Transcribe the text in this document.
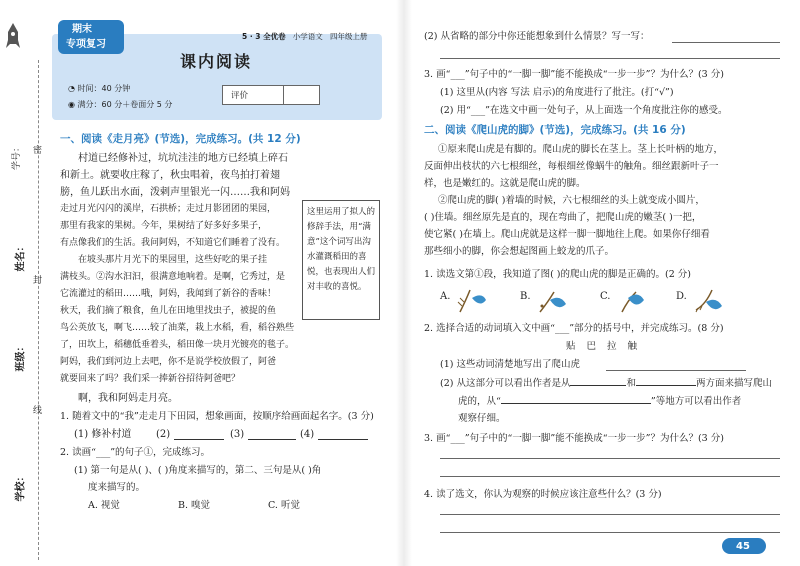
学号： 密
姓名：
封
班级：
线
学校：
期末
专项复习
5 · 3 全优卷 小学语文 四年级上册
课内阅读
◔ 时间：40 分钟
◉ 满分：60 分＋卷面分 5 分
评价
一、阅读《走月亮》(节选)，完成练习。(共 12 分)
村道已经修补过，坑坑洼洼的地方已经填上碎石
和新土。就要收庄稼了，秋虫唱着，夜鸟拍打着翅
膀，鱼儿跃出水面，泼剌声里银光一闪……我和阿妈
走过月光闪闪的溪岸，石拱桥；走过月影团团的果园，
那里有我家的果树。今年，果树结了好多好多果子，
有点像我们的生活。我问阿妈，不知道它们睡着了没有。
在坡头那片月光下的果园里，这些好吃的果子挂
满枝头。②沟水汩汩，很满意地响着。是啊，它秀过，是
它流灌过的稻田……哦，阿妈，我闻到了新谷的香味！
秋天，我们摘了粮食，鱼儿在田地里找虫子，被捉的鱼
鸟公英放飞，啊飞……较了油菜，栽上水稻，看，稻谷熟些
了，田坎上，稻穗低垂着头，稻田像一块月光镀亮的毯子。
阿妈，我们到河边上去吧，你不是说学校放假了，阿爸
就要回来了吗？我们采一捧新谷招待阿爸吧？
啊，我和阿妈走月亮。
这里运用了拟人的修辞手法，用“满意”这个词写出沟水灌溉稻田的喜悦，也表现出人们对丰收的喜悦。
1. 随着文中的“我”走走月下田园，想象画面，按顺序给画面起名字。(3 分)
(1) 修补村道 (2)	(3)	(4)
2. 读画“___”的句子①，完成练习。
(1) 第一句是从( )、( )角度来描写的，第二、三句是从( )角
度来描写的。
A. 视觉	B. 嗅觉	C. 听觉
(2) 从省略的部分中你还能想象到什么情景？写一写：
3. 画“___”句子中的“一脚一脚”能不能换成“一步一步”？为什么？(3 分)
(1) 这里从(内容 写法 启示)的角度进行了批注。(打“√”)
(2) 用“___”在选文中画一处句子，从上面选一个角度批注你的感受。
二、阅读《爬山虎的脚》(节选)，完成练习。(共 16 分)
①原来爬山虎是有脚的。爬山虎的脚长在茎上。茎上长叶柄的地方，
反面伸出枝状的六七根细丝，每根细丝像蜗牛的触角。细丝跟新叶子一
样，也是嫩红的。这就是爬山虎的脚。
②爬山虎的脚( )着墙的时候，六七根细丝的头上就变成小圆片，
( )住墙。细丝原先是直的，现在弯曲了，把爬山虎的嫩茎( )一把，
使它紧( )在墙上。爬山虎就是这样一脚一脚地往上爬。如果你仔细看
那些细小的脚，你会想起图画上蛟龙的爪子。
1. 读选文第①段，我知道了图( )的爬山虎的脚是正确的。(2 分)
A.	B.	C.	D.
2. 选择合适的动词填入文中画“___”部分的括号中，并完成练习。(8 分)
贴 巴 拉 触
(1) 这些动词清楚地写出了爬山虎
(2) 从这部分可以看出作者是从	和	两方面来描写爬山
虎的，从“	”等地方可以看出作者
观察仔细。
3. 画“___”句子中的“一脚一脚”能不能换成“一步一步”？为什么？(3 分)
4. 读了选文，你认为观察的时候应该注意些什么？(3 分)
45
